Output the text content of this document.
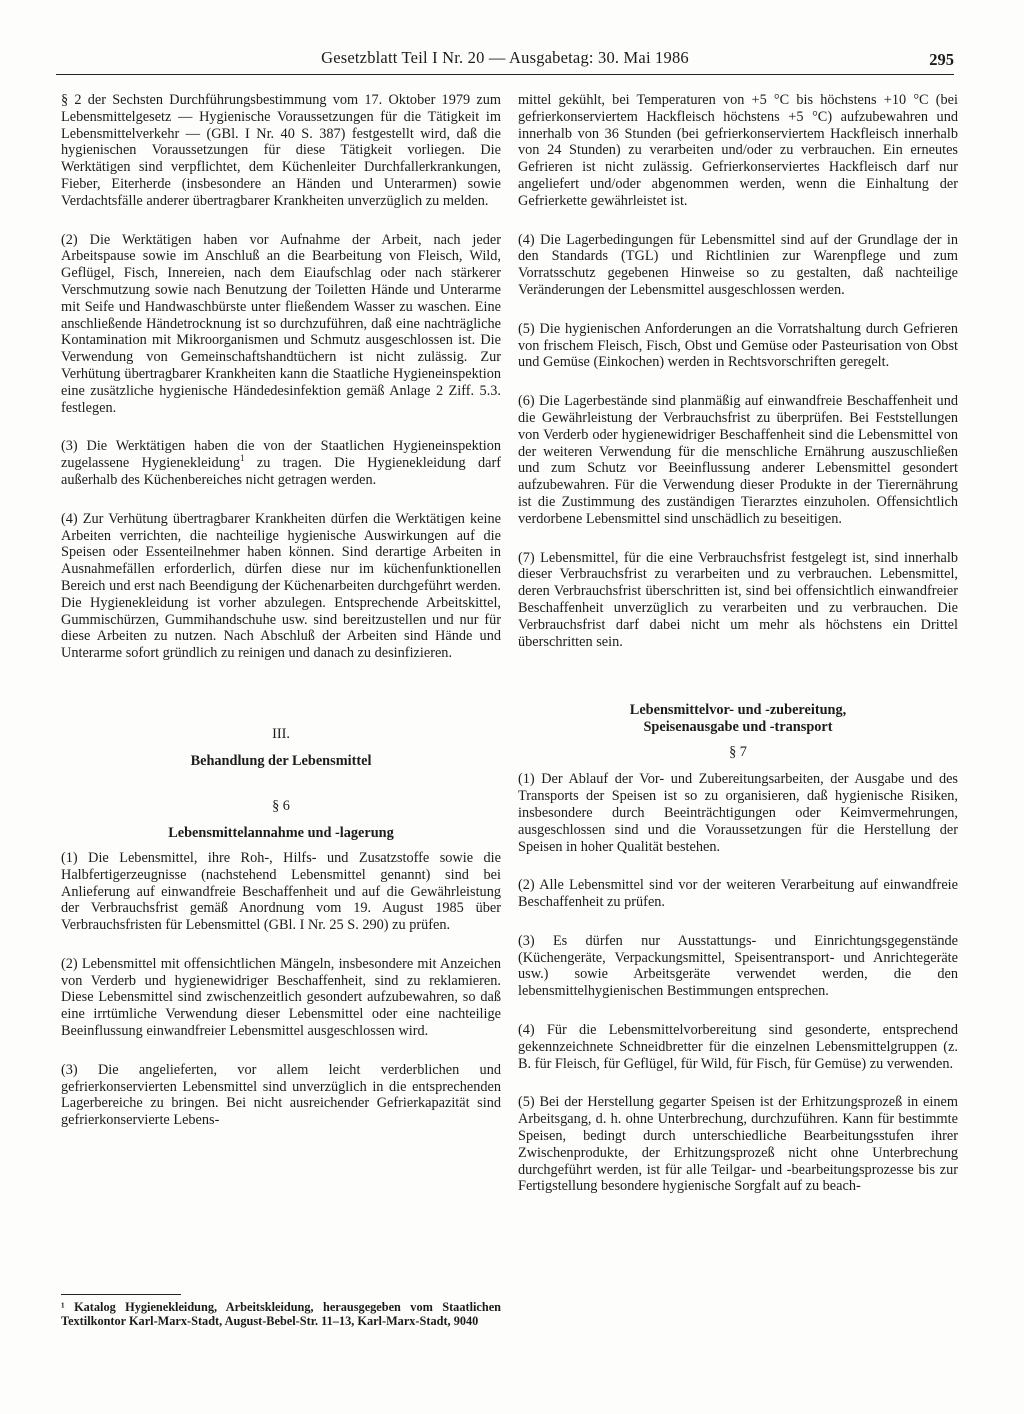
Gesetzblatt Teil I Nr. 20 — Ausgabetag: 30. Mai 1986	295

§ 2 der Sechsten Durchführungsbestimmung vom 17. Oktober 1979 zum Lebensmittelgesetz — Hygienische Voraussetzungen für die Tätigkeit im Lebensmittelverkehr — (GBl. I Nr. 40 S. 387) festgestellt wird, daß die hygienischen Voraussetzungen für diese Tätigkeit vorliegen. Die Werktätigen sind verpflichtet, dem Küchenleiter Durchfallerkrankungen, Fieber, Eiterherde (insbesondere an Händen und Unterarmen) sowie Verdachtsfälle anderer übertragbarer Krankheiten unverzüglich zu melden.

(2) Die Werktätigen haben vor Aufnahme der Arbeit, nach jeder Arbeitspause sowie im Anschluß an die Bearbeitung von Fleisch, Wild, Geflügel, Fisch, Innereien, nach dem Eiaufschlag oder nach stärkerer Verschmutzung sowie nach Benutzung der Toiletten Hände und Unterarme mit Seife und Handwaschbürste unter fließendem Wasser zu waschen. Eine anschließende Händetrocknung ist so durchzuführen, daß eine nachträgliche Kontamination mit Mikroorganismen und Schmutz ausgeschlossen ist. Die Verwendung von Gemeinschaftshandtüchern ist nicht zulässig. Zur Verhütung übertragbarer Krankheiten kann die Staatliche Hygieneinspektion eine zusätzliche hygienische Händedesinfektion gemäß Anlage 2 Ziff. 5.3. festlegen.

(3) Die Werktätigen haben die von der Staatlichen Hygieneinspektion zugelassene Hygienekleidung$^1$ zu tragen. Die Hygienekleidung darf außerhalb des Küchenbereiches nicht getragen werden.

(4) Zur Verhütung übertragbarer Krankheiten dürfen die Werktätigen keine Arbeiten verrichten, die nachteilige hygienische Auswirkungen auf die Speisen oder Essenteilnehmer haben können. Sind derartige Arbeiten in Ausnahmefällen erforderlich, dürfen diese nur im küchenfunktionellen Bereich und erst nach Beendigung der Küchenarbeiten durchgeführt werden. Die Hygienekleidung ist vorher abzulegen. Entsprechende Arbeitskittel, Gummischürzen, Gummihandschuhe usw. sind bereitzustellen und nur für diese Arbeiten zu nutzen. Nach Abschluß der Arbeiten sind Hände und Unterarme sofort gründlich zu reinigen und danach zu desinfizieren.

III.
Behandlung der Lebensmittel
§ 6
Lebensmittelannahme und -lagerung

(1) Die Lebensmittel, ihre Roh-, Hilfs- und Zusatzstoffe sowie die Halbfertigerzeugnisse (nachstehend Lebensmittel genannt) sind bei Anlieferung auf einwandfreie Beschaffenheit und auf die Gewährleistung der Verbrauchsfrist gemäß Anordnung vom 19. August 1985 über Verbrauchsfristen für Lebensmittel (GBl. I Nr. 25 S. 290) zu prüfen.

(2) Lebensmittel mit offensichtlichen Mängeln, insbesondere mit Anzeichen von Verderb und hygienewidriger Beschaffenheit, sind zu reklamieren. Diese Lebensmittel sind zwischenzeitlich gesondert aufzubewahren, so daß eine irrtümliche Verwendung dieser Lebensmittel oder eine nachteilige Beeinflussung einwandfreier Lebensmittel ausgeschlossen wird.

(3) Die angelieferten, vor allem leicht verderblichen und gefrierkonservierten Lebensmittel sind unverzüglich in die entsprechenden Lagerbereiche zu bringen. Bei nicht ausreichender Gefrierkapazität sind gefrierkonservierte Lebens-

¹ Katalog Hygienekleidung, Arbeitskleidung, herausgegeben vom Staatlichen Textilkontor Karl-Marx-Stadt, August-Bebel-Str. 11–13, Karl-Marx-Stadt, 9040

mittel gekühlt, bei Temperaturen von +5 °C bis höchstens +10 °C (bei gefrierkonserviertem Hackfleisch höchstens +5 °C) aufzubewahren und innerhalb von 36 Stunden (bei gefrierkonserviertem Hackfleisch innerhalb von 24 Stunden) zu verarbeiten und/oder zu verbrauchen. Ein erneutes Gefrieren ist nicht zulässig. Gefrierkonserviertes Hackfleisch darf nur angeliefert und/oder abgenommen werden, wenn die Einhaltung der Gefrierkette gewährleistet ist.

(4) Die Lagerbedingungen für Lebensmittel sind auf der Grundlage der in den Standards (TGL) und Richtlinien zur Warenpflege und zum Vorratsschutz gegebenen Hinweise so zu gestalten, daß nachteilige Veränderungen der Lebensmittel ausgeschlossen werden.

(5) Die hygienischen Anforderungen an die Vorratshaltung durch Gefrieren von frischem Fleisch, Fisch, Obst und Gemüse oder Pasteurisation von Obst und Gemüse (Einkochen) werden in Rechtsvorschriften geregelt.

(6) Die Lagerbestände sind planmäßig auf einwandfreie Beschaffenheit und die Gewährleistung der Verbrauchsfrist zu überprüfen. Bei Feststellungen von Verderb oder hygienewidriger Beschaffenheit sind die Lebensmittel von der weiteren Verwendung für die menschliche Ernährung auszuschließen und zum Schutz vor Beeinflussung anderer Lebensmittel gesondert aufzubewahren. Für die Verwendung dieser Produkte in der Tierernährung ist die Zustimmung des zuständigen Tierarztes einzuholen. Offensichtlich verdorbene Lebensmittel sind unschädlich zu beseitigen.

(7) Lebensmittel, für die eine Verbrauchsfrist festgelegt ist, sind innerhalb dieser Verbrauchsfrist zu verarbeiten und zu verbrauchen. Lebensmittel, deren Verbrauchsfrist überschritten ist, sind bei offensichtlich einwandfreier Beschaffenheit unverzüglich zu verarbeiten und zu verbrauchen. Die Verbrauchsfrist darf dabei nicht um mehr als höchstens ein Drittel überschritten sein.

Lebensmittelvor- und -zubereitung,
Speisenausgabe und -transport
§ 7

(1) Der Ablauf der Vor- und Zubereitungsarbeiten, der Ausgabe und des Transports der Speisen ist so zu organisieren, daß hygienische Risiken, insbesondere durch Beeinträchtigungen oder Keimvermehrungen, ausgeschlossen sind und die Voraussetzungen für die Herstellung der Speisen in hoher Qualität bestehen.

(2) Alle Lebensmittel sind vor der weiteren Verarbeitung auf einwandfreie Beschaffenheit zu prüfen.

(3) Es dürfen nur Ausstattungs- und Einrichtungsgegenstände (Küchengeräte, Verpackungsmittel, Speisentransport- und Anrichtegeräte usw.) sowie Arbeitsgeräte verwendet werden, die den lebensmittelhygienischen Bestimmungen entsprechen.

(4) Für die Lebensmittelvorbereitung sind gesonderte, entsprechend gekennzeichnete Schneidbretter für die einzelnen Lebensmittelgruppen (z. B. für Fleisch, für Geflügel, für Wild, für Fisch, für Gemüse) zu verwenden.

(5) Bei der Herstellung gegarter Speisen ist der Erhitzungsprozeß in einem Arbeitsgang, d. h. ohne Unterbrechung, durchzuführen. Kann für bestimmte Speisen, bedingt durch unterschiedliche Bearbeitungsstufen ihrer Zwischenprodukte, der Erhitzungsprozeß nicht ohne Unterbrechung durchgeführt werden, ist für alle Teilgar- und -bearbeitungsprozesse bis zur Fertigstellung besondere hygienische Sorgfalt auf zu beach-
